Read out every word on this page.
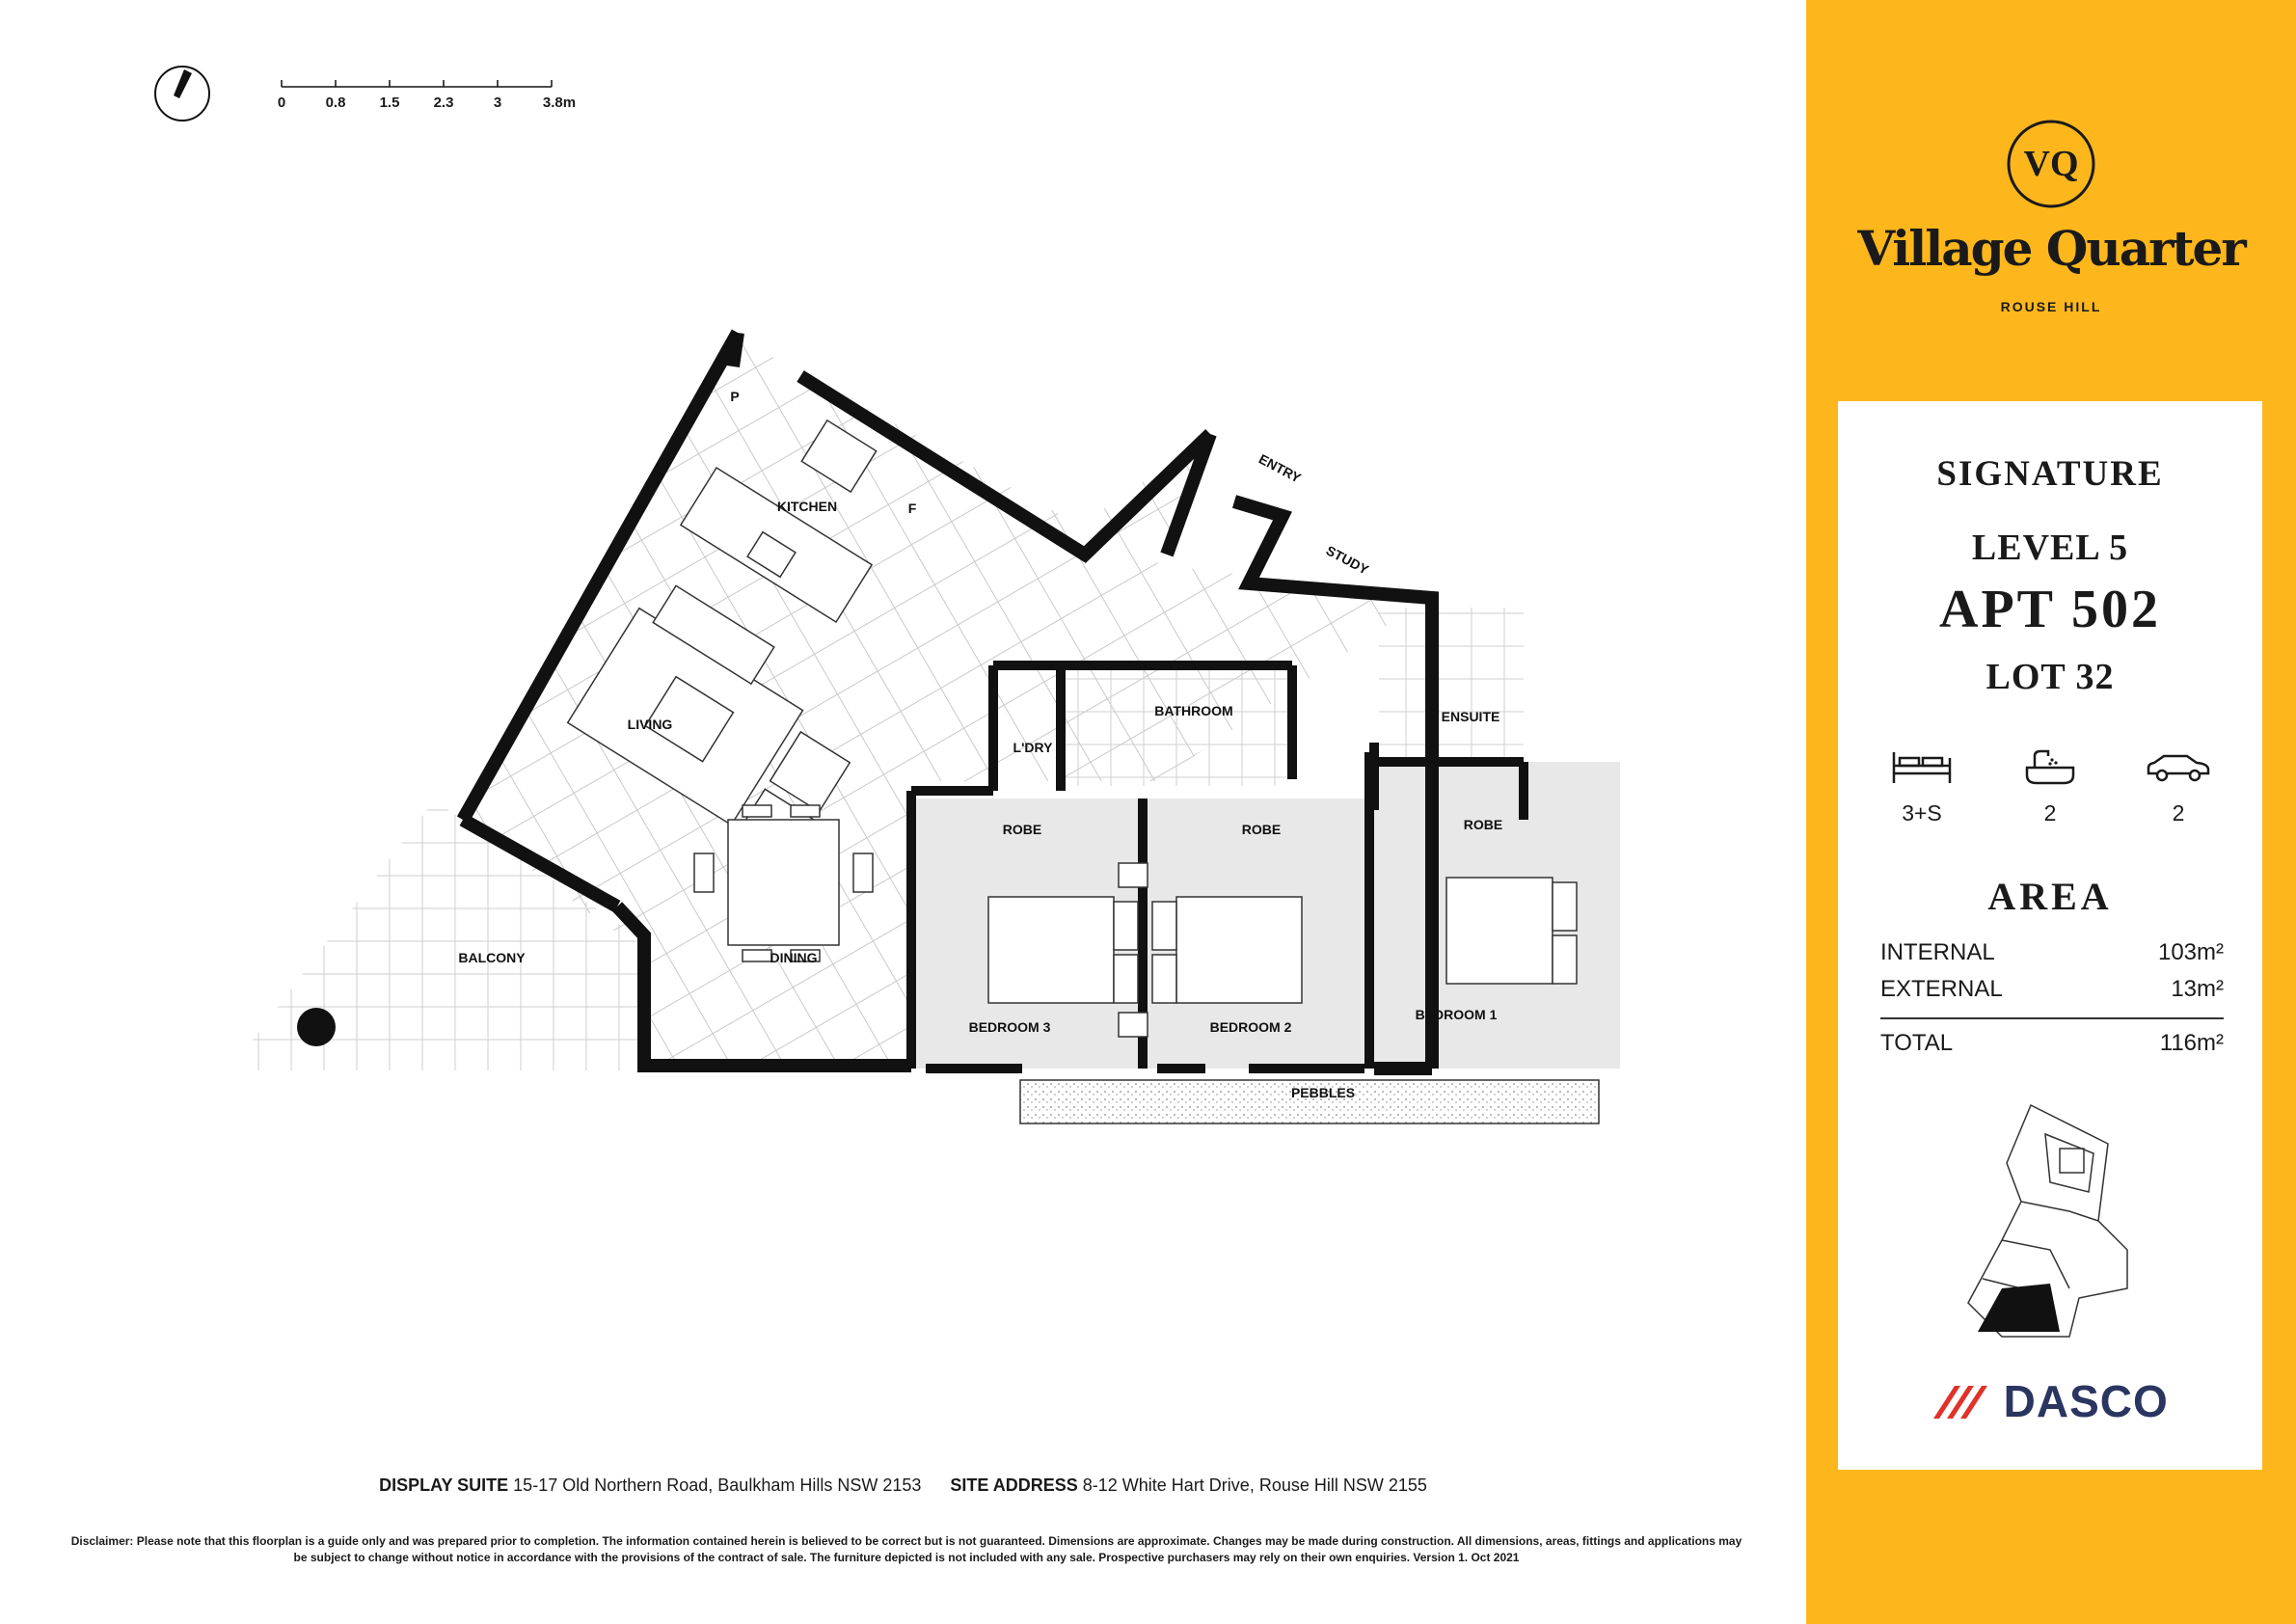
0	0.8 1.5 2.3	3	3.8m
KITCHEN
LIVING
DINING
BALCONY
ENTRY
STUDY
L'DRY
BATHROOM	ENSUITE
ROBE	ROBE	ROBE
BEDROOM 1
BEDROOM 2
BEDROOM 3
PEBBLES
P
F
DISPLAY SUITE 15-17 Old Northern Road, Baulkham Hills NSW 2153 SITE ADDRESS 8-12 White Hart Drive, Rouse Hill NSW 2155
Disclaimer: Please note that this floorplan is a guide only and was prepared prior to completion. The information contained herein is believed to be correct but is not guaranteed. Dimensions are approximate. Changes may be made during construction. All dimensions, areas, fittings and applications may be subject to change without notice in accordance with the provisions of the contract of sale. The furniture depicted is not included with any sale. Prospective purchasers may rely on their own enquiries. Version 1. Oct 2021
VQ
Village Quarter
ROUSE HILL
SIGNATURE
LEVEL 5
APT 502
LOT 32
3+S	2	2
AREA
INTERNAL	103m²
EXTERNAL	13m²
TOTAL	116m²
DASCO
